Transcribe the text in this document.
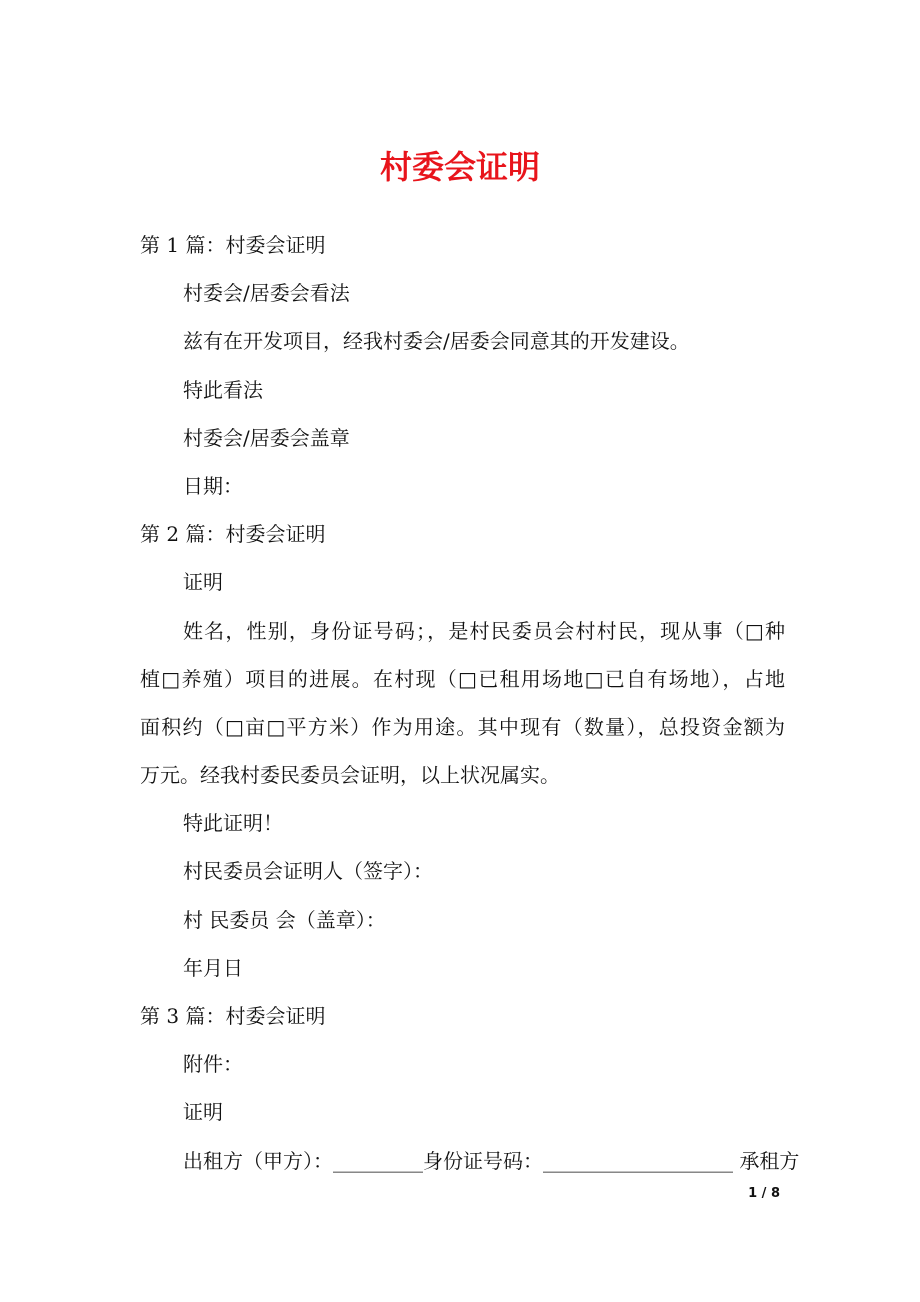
村委会证明
第 1 篇：村委会证明
村委会/居委会看法
兹有在开发项目，经我村委会/居委会同意其的开发建设。
特此看法
村委会/居委会盖章
日期：
第 2 篇：村委会证明
证明
姓名，性别，身份证号码；，是村民委员会村村民，现从事（□种
植□养殖）项目的进展。在村现（□已租用场地□已自有场地），占地
面积约（□亩□平方米）作为用途。其中现有（数量），总投资金额为
万元。经我村委民委员会证明，以上状况属实。
特此证明！
村民委员会证明人（签字）：
村 民委员 会（盖章）：
年月日
第 3 篇：村委会证明
附件：
证明
出租方（甲方）：_________身份证号码：___________________ 承租方
1 / 8
